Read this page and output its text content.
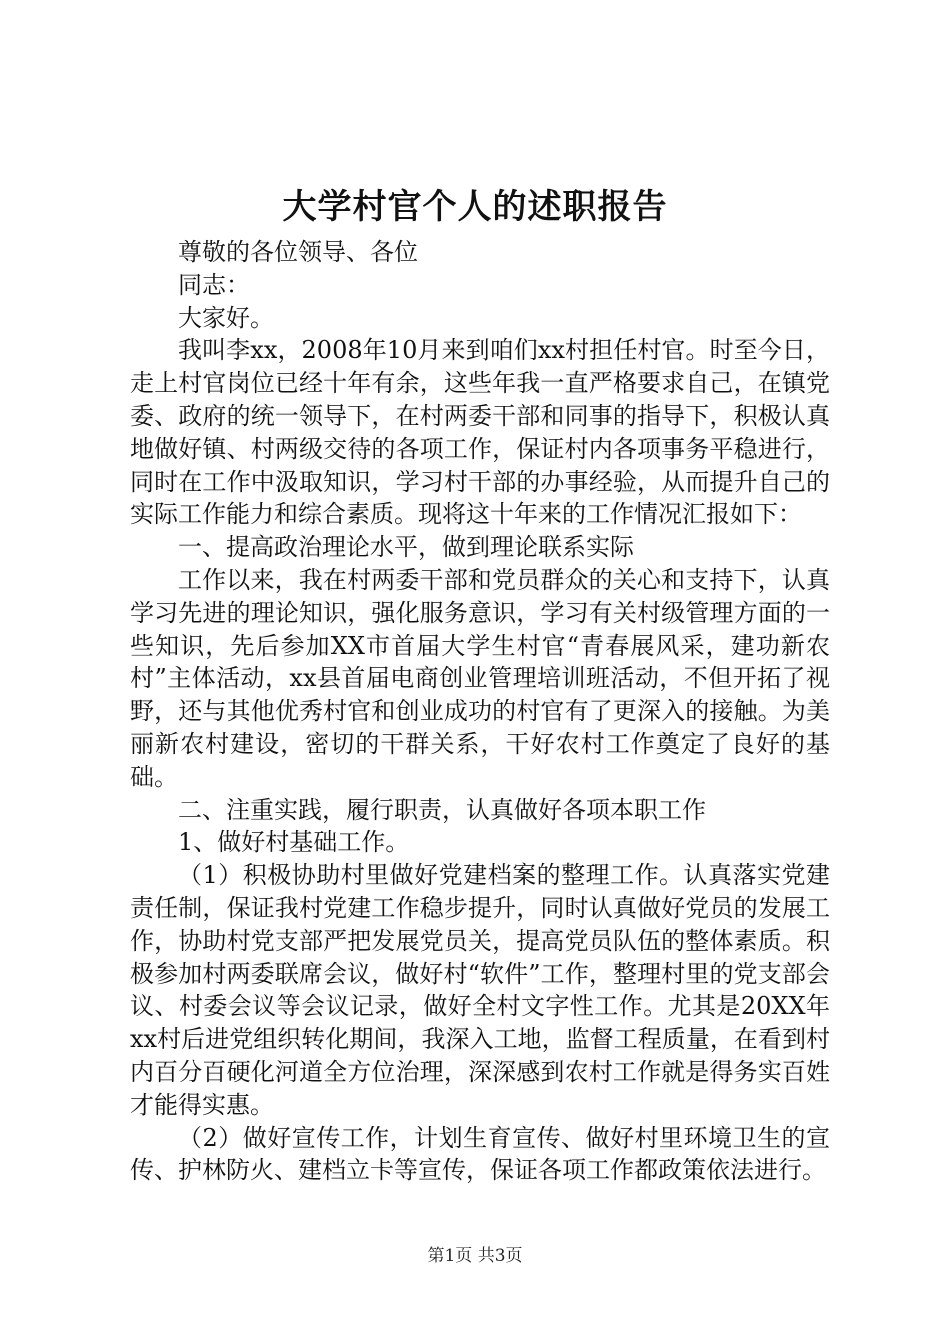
大学村官个人的述职报告

尊敬的各位领导、各位

同志：

大家好。

我叫李xx，2008年10月来到咱们xx村担任村官。时至今日，走上村官岗位已经十年有余，这些年我一直严格要求自己，在镇党委、政府的统一领导下，在村两委干部和同事的指导下，积极认真地做好镇、村两级交待的各项工作，保证村内各项事务平稳进行，同时在工作中汲取知识，学习村干部的办事经验，从而提升自己的实际工作能力和综合素质。现将这十年来的工作情况汇报如下：

一、提高政治理论水平，做到理论联系实际

工作以来，我在村两委干部和党员群众的关心和支持下，认真学习先进的理论知识，强化服务意识，学习有关村级管理方面的一些知识，先后参加XX市首届大学生村官“青春展风采，建功新农村”主体活动，xx县首届电商创业管理培训班活动，不但开拓了视野，还与其他优秀村官和创业成功的村官有了更深入的接触。为美丽新农村建设，密切的干群关系，干好农村工作奠定了良好的基础。

二、注重实践，履行职责，认真做好各项本职工作

1、做好村基础工作。

（1）积极协助村里做好党建档案的整理工作。认真落实党建责任制，保证我村党建工作稳步提升，同时认真做好党员的发展工作，协助村党支部严把发展党员关，提高党员队伍的整体素质。积极参加村两委联席会议，做好村“软件”工作，整理村里的党支部会议、村委会议等会议记录，做好全村文字性工作。尤其是20XX年xx村后进党组织转化期间，我深入工地，监督工程质量，在看到村内百分百硬化河道全方位治理，深深感到农村工作就是得务实百姓才能得实惠。

（2）做好宣传工作，计划生育宣传、做好村里环境卫生的宣传、护林防火、建档立卡等宣传，保证各项工作都政策依法进行。

第1页 共3页
